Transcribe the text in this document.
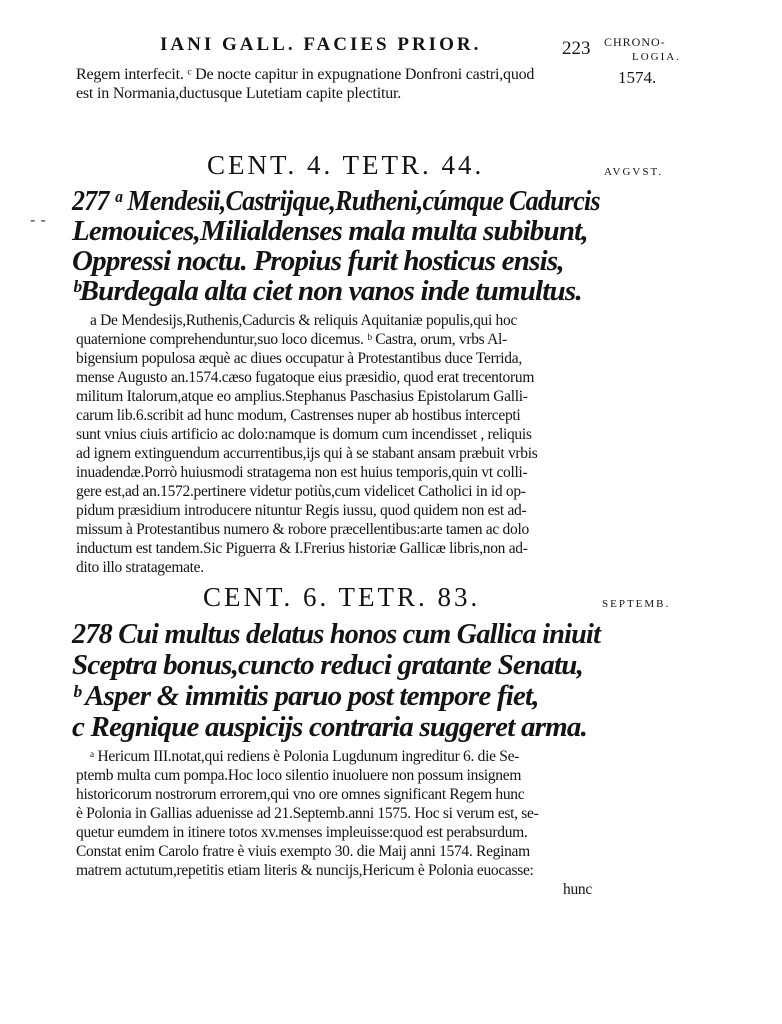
IANI GALL. FACIES PRIOR.	223 CHRONO-
LOGIA.
1574.
Regem interfecit. ᶜ De nocte capitur in expugnatione Donfroni castri,quod
est in Normania,ductusque Lutetiam capite plectitur.
- -
CENT. 4. TETR. 44.	AVGVST.
277 ᵃ Mendesii,Castrijque,Rutheni,cúmque Cadurcis
Lemouices,Milialdenses mala multa subibunt,
Oppressi noctu. Propius furit hosticus ensis,
ᵇBurdegala alta ciet non vanos inde tumultus.
a De Mendesijs,Ruthenis,Cadurcis & reliquis Aquitaniæ populis,qui hoc
quaternione comprehenduntur,suo loco dicemus. ᵇ Castra, orum, vrbs Al-
bigensium populosa æquè ac diues occupatur à Protestantibus duce Terrida,
mense Augusto an.1574.cæso fugatoque eius præsidio, quod erat trecentorum
militum Italorum,atque eo amplius.Stephanus Paschasius Epistolarum Galli-
carum lib.6.scribit ad hunc modum, Castrenses nuper ab hostibus intercepti
sunt vnius ciuis artificio ac dolo:namque is domum cum incendisset , reliquis
ad ignem extinguendum accurrentibus,ijs qui à se stabant ansam præbuit vrbis
inuadendæ.Porrò huiusmodi stratagema non est huius temporis,quin vt colli-
gere est,ad an.1572.pertinere videtur potiùs,cum videlicet Catholici in id op-
pidum præsidium introducere nituntur Regis iussu, quod quidem non est ad-
missum à Protestantibus numero & robore præcellentibus:arte tamen ac dolo
inductum est tandem.Sic Piguerra & I.Frerius historiæ Gallicæ libris,non ad-
dito illo stratagemate.
CENT. 6. TETR. 83.	SEPTEMB.
278 Cui multus delatus honos cum Gallica iniuit
Sceptra bonus,cuncto reduci gratante Senatu,
ᵇ Asper & immitis paruo post tempore fiet,
c Regnique auspicijs contraria suggeret arma.
ᵃ Hericum III.notat,qui rediens è Polonia Lugdunum ingreditur 6. die Se-
ptemb multa cum pompa.Hoc loco silentio inuoluere non possum insignem
historicorum nostrorum errorem,qui vno ore omnes significant Regem hunc
è Polonia in Gallias aduenisse ad 21.Septemb.anni 1575. Hoc si verum est, se-
quetur eumdem in itinere totos xv.menses impleuisse:quod est perabsurdum.
Constat enim Carolo fratre è viuis exempto 30. die Maij anni 1574. Reginam
matrem actutum,repetitis etiam literis & nuncijs,Hericum è Polonia euocasse:
hunc
